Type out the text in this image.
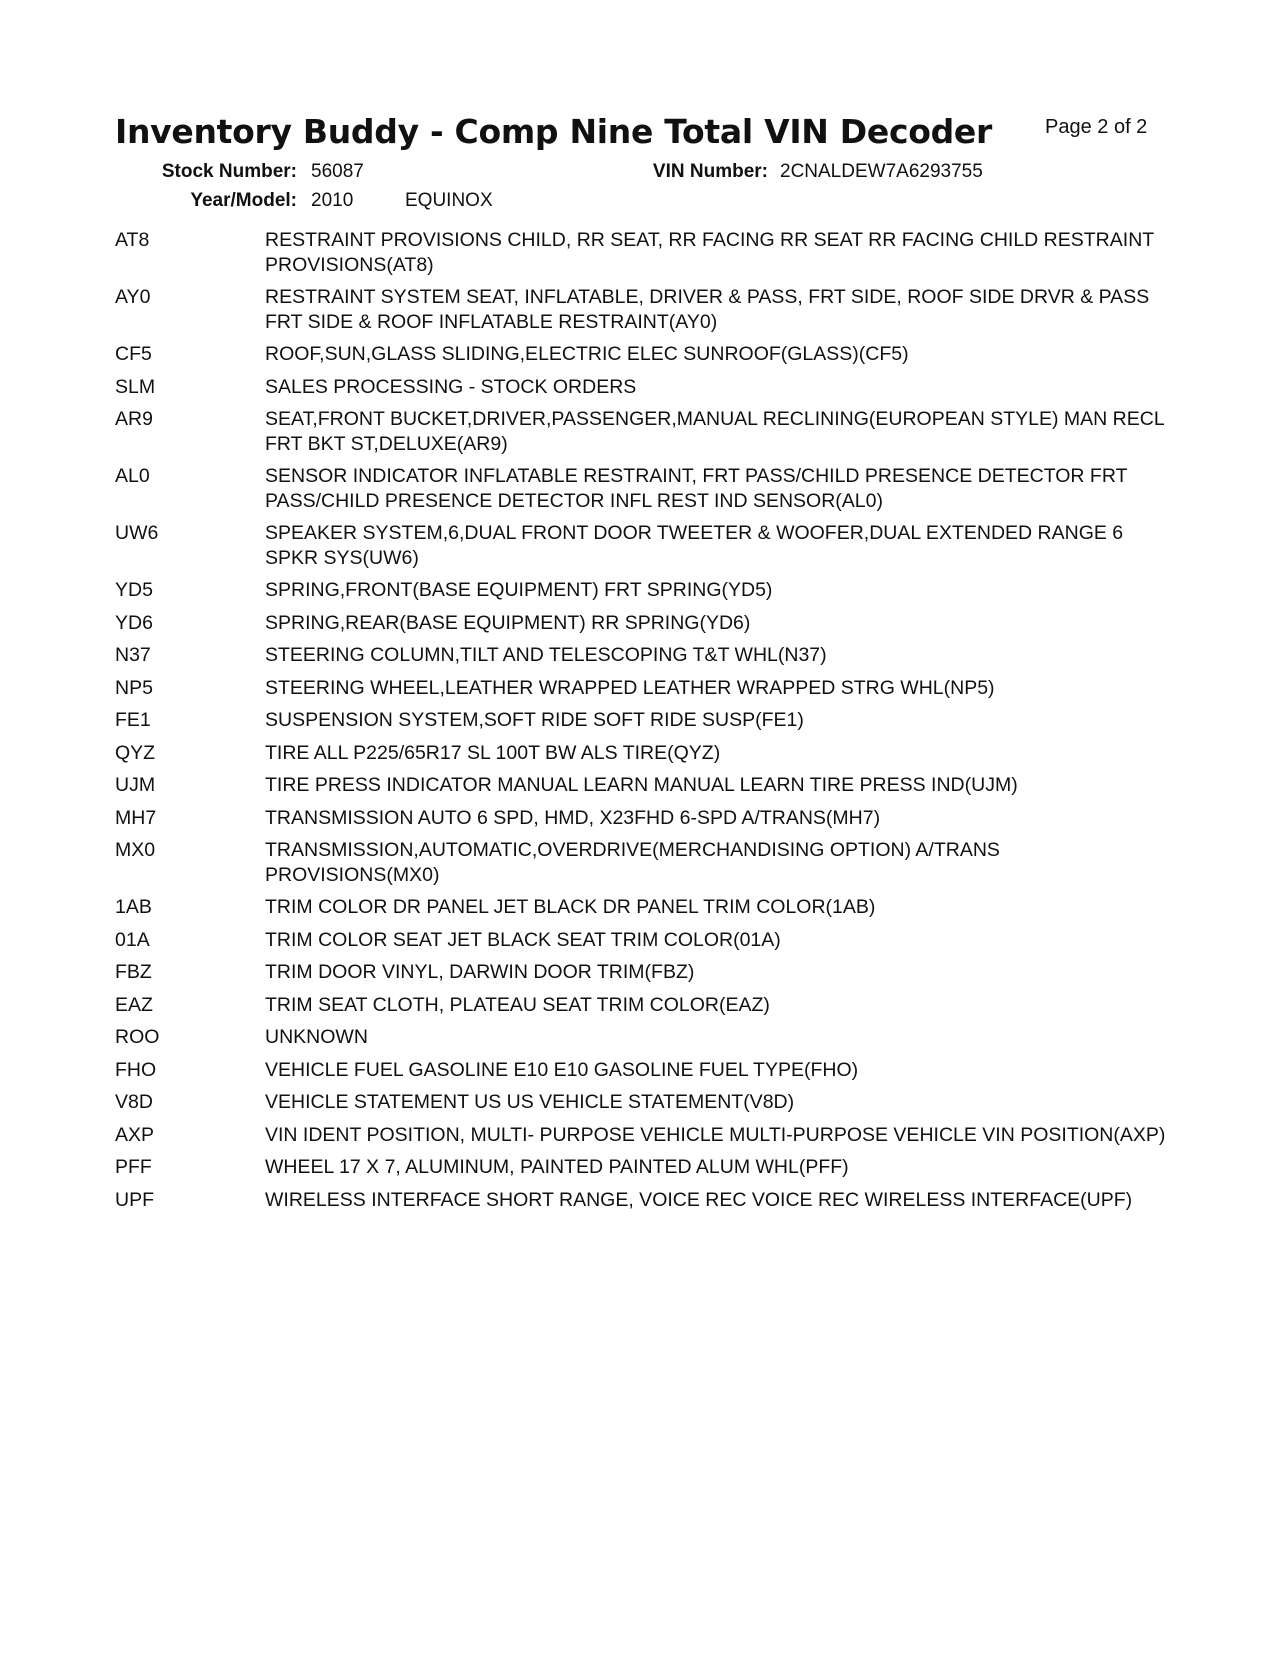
Inventory Buddy - Comp Nine Total VIN Decoder	Page 2 of 2
Stock Number: 56087	VIN Number: 2CNALDEW7A6293755
Year/Model: 2010	EQUINOX
AT8	RESTRAINT PROVISIONS CHILD, RR SEAT, RR FACING RR SEAT RR FACING CHILD RESTRAINT PROVISIONS(AT8)
AY0	RESTRAINT SYSTEM SEAT, INFLATABLE, DRIVER & PASS, FRT SIDE, ROOF SIDE DRVR & PASS FRT SIDE & ROOF INFLATABLE RESTRAINT(AY0)
CF5	ROOF,SUN,GLASS SLIDING,ELECTRIC ELEC SUNROOF(GLASS)(CF5)
SLM	SALES PROCESSING - STOCK ORDERS
AR9	SEAT,FRONT BUCKET,DRIVER,PASSENGER,MANUAL RECLINING(EUROPEAN STYLE) MAN RECL FRT BKT ST,DELUXE(AR9)
AL0	SENSOR INDICATOR INFLATABLE RESTRAINT, FRT PASS/CHILD PRESENCE DETECTOR FRT PASS/CHILD PRESENCE DETECTOR INFL REST IND SENSOR(AL0)
UW6	SPEAKER SYSTEM,6,DUAL FRONT DOOR TWEETER & WOOFER,DUAL EXTENDED RANGE 6 SPKR SYS(UW6)
YD5	SPRING,FRONT(BASE EQUIPMENT) FRT SPRING(YD5)
YD6	SPRING,REAR(BASE EQUIPMENT) RR SPRING(YD6)
N37	STEERING COLUMN,TILT AND TELESCOPING T&T WHL(N37)
NP5	STEERING WHEEL,LEATHER WRAPPED LEATHER WRAPPED STRG WHL(NP5)
FE1	SUSPENSION SYSTEM,SOFT RIDE SOFT RIDE SUSP(FE1)
QYZ	TIRE ALL P225/65R17 SL 100T BW ALS TIRE(QYZ)
UJM	TIRE PRESS INDICATOR MANUAL LEARN MANUAL LEARN TIRE PRESS IND(UJM)
MH7	TRANSMISSION AUTO 6 SPD, HMD, X23FHD 6-SPD A/TRANS(MH7)
MX0	TRANSMISSION,AUTOMATIC,OVERDRIVE(MERCHANDISING OPTION) A/TRANS PROVISIONS(MX0)
1AB	TRIM COLOR DR PANEL JET BLACK DR PANEL TRIM COLOR(1AB)
01A	TRIM COLOR SEAT JET BLACK SEAT TRIM COLOR(01A)
FBZ	TRIM DOOR VINYL, DARWIN DOOR TRIM(FBZ)
EAZ	TRIM SEAT CLOTH, PLATEAU SEAT TRIM COLOR(EAZ)
ROO	UNKNOWN
FHO	VEHICLE FUEL GASOLINE E10 E10 GASOLINE FUEL TYPE(FHO)
V8D	VEHICLE STATEMENT US US VEHICLE STATEMENT(V8D)
AXP	VIN IDENT POSITION, MULTI- PURPOSE VEHICLE MULTI-PURPOSE VEHICLE VIN POSITION(AXP)
PFF	WHEEL 17 X 7, ALUMINUM, PAINTED PAINTED ALUM WHL(PFF)
UPF	WIRELESS INTERFACE SHORT RANGE, VOICE REC VOICE REC WIRELESS INTERFACE(UPF)
